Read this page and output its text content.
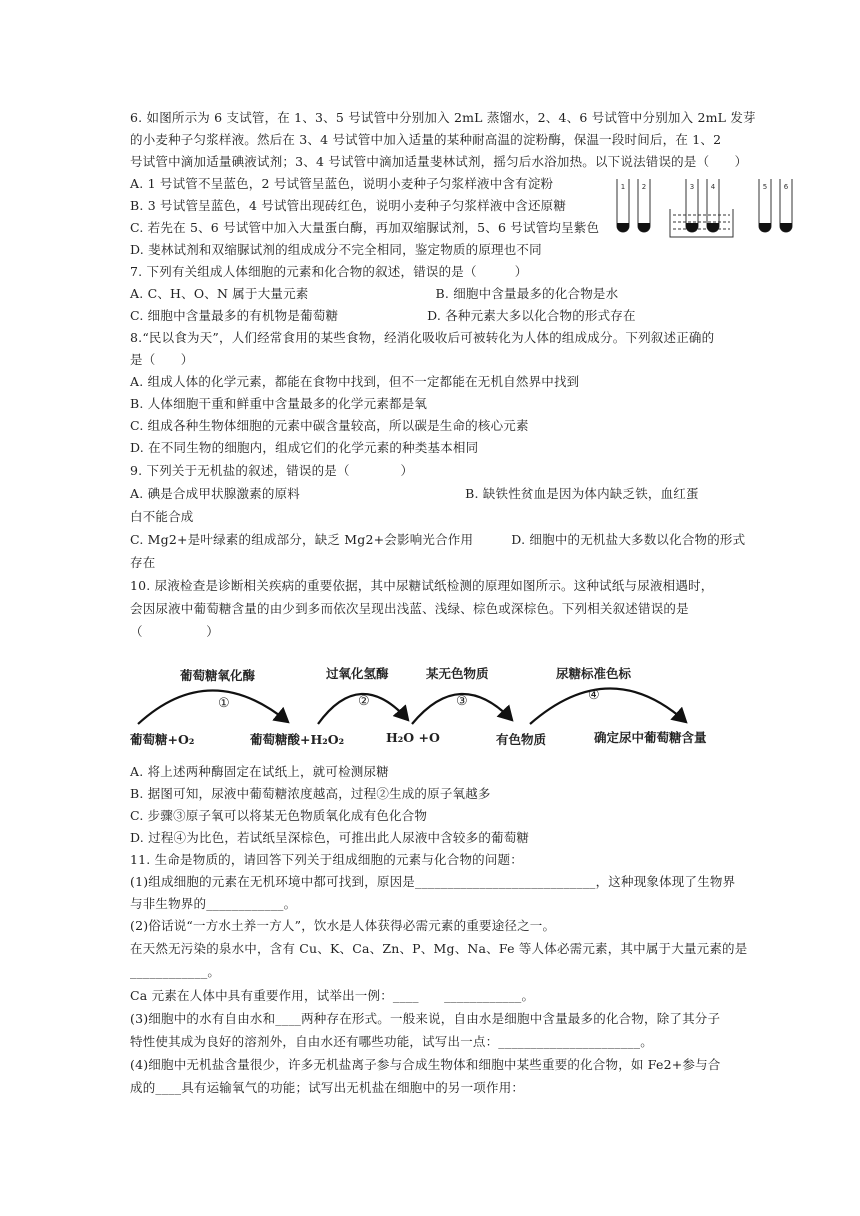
6. 如图所示为 6 支试管，在 1、3、5 号试管中分别加入 2mL 蒸馏水，2、4、6 号试管中分别加入 2mL 发芽
的小麦种子匀浆样液。然后在 3、4 号试管中加入适量的某种耐高温的淀粉酶，保温一段时间后，在 1、2
号试管中滴加适量碘液试剂；3、4 号试管中滴加适量斐林试剂，摇匀后水浴加热。以下说法错误的是（　　）
A. 1 号试管不呈蓝色，2 号试管呈蓝色，说明小麦种子匀浆样液中含有淀粉
B. 3 号试管呈蓝色，4 号试管出现砖红色，说明小麦种子匀浆样液中含还原糖
C. 若先在 5、6 号试管中加入大量蛋白酶，再加双缩脲试剂，5、6 号试管均呈紫色
D. 斐林试剂和双缩脲试剂的组成成分不完全相同，鉴定物质的原理也不同
1 2	3 4	5 6
7. 下列有关组成人体细胞的元素和化合物的叙述，错误的是（　　　）
A. C、H、O、N 属于大量元素　　　　　　　　　　B. 细胞中含量最多的化合物是水
C. 细胞中含量最多的有机物是葡萄糖　　　　　　　D. 各种元素大多以化合物的形式存在
8.“民以食为天”，人们经常食用的某些食物，经消化吸收后可被转化为人体的组成成分。下列叙述正确的
是（　　）
A. 组成人体的化学元素，都能在食物中找到，但不一定都能在无机自然界中找到
B. 人体细胞干重和鲜重中含量最多的化学元素都是氧
C. 组成各种生物体细胞的元素中碳含量较高，所以碳是生命的核心元素
D. 在不同生物的细胞内，组成它们的化学元素的种类基本相同
9. 下列关于无机盐的叙述，错误的是（　　　　）
A. 碘是合成甲状腺激素的原料　　　　　　　　　　　　　B. 缺铁性贫血是因为体内缺乏铁，血红蛋
白不能合成
C. Mg2+是叶绿素的组成部分，缺乏 Mg2+会影响光合作用　　　D. 细胞中的无机盐大多数以化合物的形式
存在
10. 尿液检查是诊断相关疾病的重要依据，其中尿糖试纸检测的原理如图所示。这种试纸与尿液相遇时，
会因尿液中葡萄糖含量的由少到多而依次呈现出浅蓝、浅绿、棕色或深棕色。下列相关叙述错误的是
（　　　　　）
葡萄糖氧化酶	过氧化氢酶	某无色物质	尿糖标准色标
①	②	③	④
葡萄糖+O₂	葡萄糖酸+H₂O₂	H₂O +O	有色物质	确定尿中葡萄糖含量
A. 将上述两种酶固定在试纸上，就可检测尿糖
B. 据图可知，尿液中葡萄糖浓度越高，过程②生成的原子氧越多
C. 步骤③原子氧可以将某无色物质氧化成有色化合物
D. 过程④为比色，若试纸呈深棕色，可推出此人尿液中含较多的葡萄糖
11. 生命是物质的，请回答下列关于组成细胞的元素与化合物的问题：
(1)组成细胞的元素在无机环境中都可找到，原因是____________________________，这种现象体现了生物界
与非生物界的____________。
(2)俗话说“一方水土养一方人”，饮水是人体获得必需元素的重要途径之一。
在天然无污染的泉水中，含有 Cu、K、Ca、Zn、P、Mg、Na、Fe 等人体必需元素，其中属于大量元素的是
____________。
Ca 元素在人体中具有重要作用，试举出一例：____　　____________。
(3)细胞中的水有自由水和____两种存在形式。一般来说，自由水是细胞中含量最多的化合物，除了其分子
特性使其成为良好的溶剂外，自由水还有哪些功能，试写出一点：______________________。
(4)细胞中无机盐含量很少，许多无机盐离子参与合成生物体和细胞中某些重要的化合物，如 Fe2+参与合
成的____具有运输氧气的功能；试写出无机盐在细胞中的另一项作用：
